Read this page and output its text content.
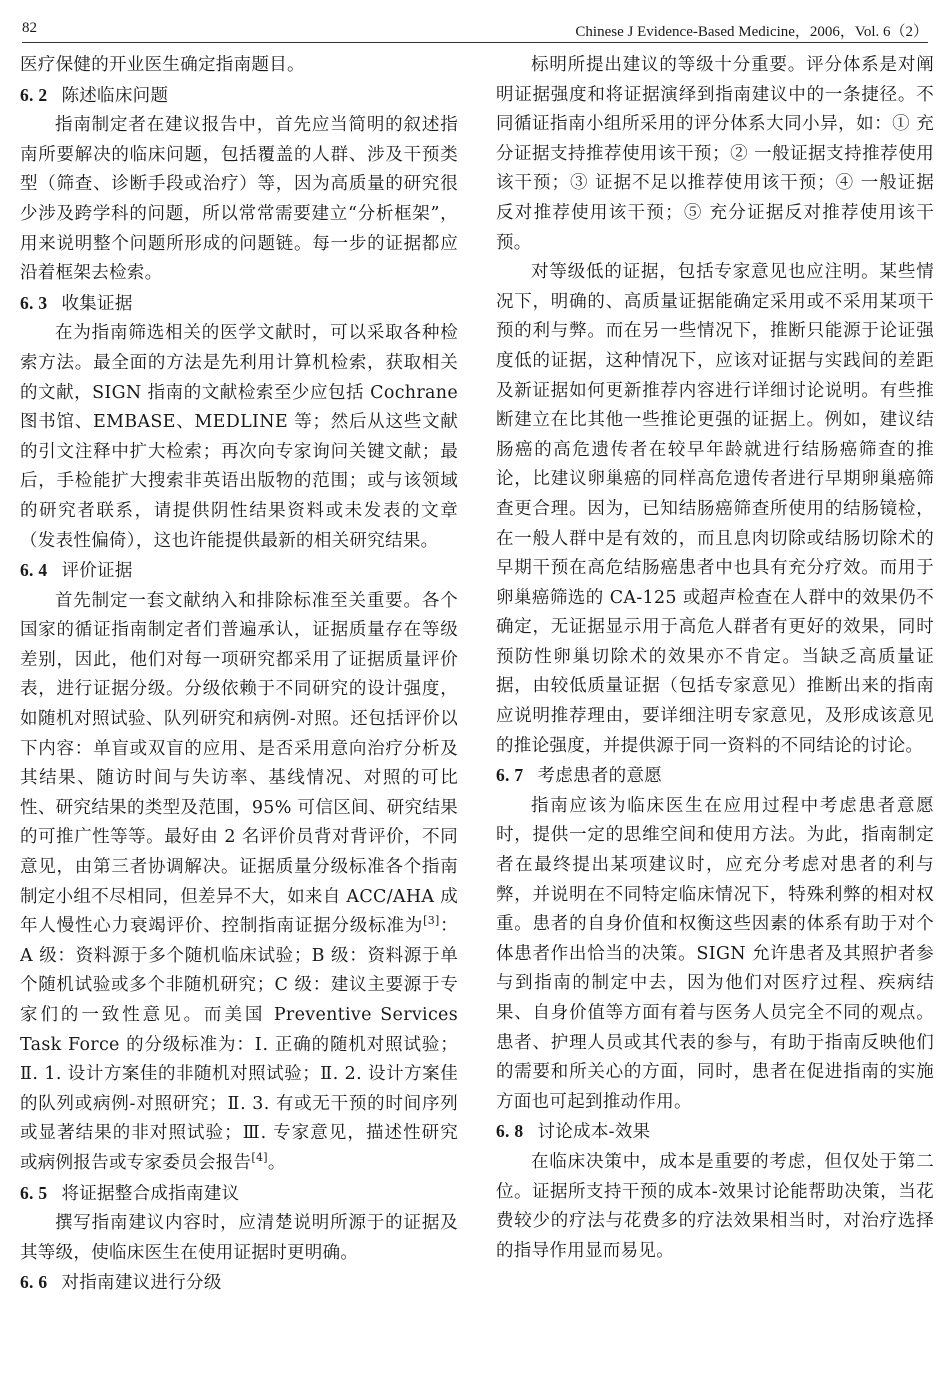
82	Chinese J Evidence-Based Medicine，2006，Vol. 6（2）

医疗保健的开业医生确定指南题目。

6. 2 陈述临床问题

指南制定者在建议报告中，首先应当简明的叙述指南所要解决的临床问题，包括覆盖的人群、涉及干预类型（筛查、诊断手段或治疗）等，因为高质量的研究很少涉及跨学科的问题，所以常常需要建立“分析框架”，用来说明整个问题所形成的问题链。每一步的证据都应沿着框架去检索。

6. 3 收集证据

在为指南筛选相关的医学文献时，可以采取各种检索方法。最全面的方法是先利用计算机检索，获取相关的文献，SIGN 指南的文献检索至少应包括 Cochrane 图书馆、EMBASE、MEDLINE 等；然后从这些文献的引文注释中扩大检索；再次向专家询问关键文献；最后，手检能扩大搜索非英语出版物的范围；或与该领域的研究者联系，请提供阴性结果资料或未发表的文章（发表性偏倚），这也许能提供最新的相关研究结果。

6. 4 评价证据

首先制定一套文献纳入和排除标准至关重要。各个国家的循证指南制定者们普遍承认，证据质量存在等级差别，因此，他们对每一项研究都采用了证据质量评价表，进行证据分级。分级依赖于不同研究的设计强度，如随机对照试验、队列研究和病例-对照。还包括评价以下内容：单盲或双盲的应用、是否采用意向治疗分析及其结果、随访时间与失访率、基线情况、对照的可比性、研究结果的类型及范围，95% 可信区间、研究结果的可推广性等等。最好由 2 名评价员背对背评价，不同意见，由第三者协调解决。证据质量分级标准各个指南制定小组不尽相同，但差异不大，如来自 ACC/AHA 成年人慢性心力衰竭评价、控制指南证据分级标准为[3]：A 级：资料源于多个随机临床试验；B 级：资料源于单个随机试验或多个非随机研究；C 级：建议主要源于专家们的一致性意见。而美国 Preventive Services Task Force 的分级标准为：Ⅰ. 正确的随机对照试验；Ⅱ. 1. 设计方案佳的非随机对照试验；Ⅱ. 2. 设计方案佳的队列或病例-对照研究；Ⅱ. 3. 有或无干预的时间序列或显著结果的非对照试验；Ⅲ. 专家意见，描述性研究或病例报告或专家委员会报告[4]。

6. 5 将证据整合成指南建议

撰写指南建议内容时，应清楚说明所源于的证据及其等级，使临床医生在使用证据时更明确。

6. 6 对指南建议进行分级

标明所提出建议的等级十分重要。评分体系是对阐明证据强度和将证据演绎到指南建议中的一条捷径。不同循证指南小组所采用的评分体系大同小异，如：① 充分证据支持推荐使用该干预；② 一般证据支持推荐使用该干预；③ 证据不足以推荐使用该干预；④ 一般证据反对推荐使用该干预；⑤ 充分证据反对推荐使用该干预。

对等级低的证据，包括专家意见也应注明。某些情况下，明确的、高质量证据能确定采用或不采用某项干预的利与弊。而在另一些情况下，推断只能源于论证强度低的证据，这种情况下，应该对证据与实践间的差距及新证据如何更新推荐内容进行详细讨论说明。有些推断建立在比其他一些推论更强的证据上。例如，建议结肠癌的高危遗传者在较早年龄就进行结肠癌筛查的推论，比建议卵巢癌的同样高危遗传者进行早期卵巢癌筛查更合理。因为，已知结肠癌筛查所使用的结肠镜检，在一般人群中是有效的，而且息肉切除或结肠切除术的早期干预在高危结肠癌患者中也具有充分疗效。而用于卵巢癌筛选的 CA-125 或超声检查在人群中的效果仍不确定，无证据显示用于高危人群者有更好的效果，同时预防性卵巢切除术的效果亦不肯定。当缺乏高质量证据，由较低质量证据（包括专家意见）推断出来的指南应说明推荐理由，要详细注明专家意见，及形成该意见的推论强度，并提供源于同一资料的不同结论的讨论。

6. 7 考虑患者的意愿

指南应该为临床医生在应用过程中考虑患者意愿时，提供一定的思维空间和使用方法。为此，指南制定者在最终提出某项建议时，应充分考虑对患者的利与弊，并说明在不同特定临床情况下，特殊利弊的相对权重。患者的自身价值和权衡这些因素的体系有助于对个体患者作出恰当的决策。SIGN 允许患者及其照护者参与到指南的制定中去，因为他们对医疗过程、疾病结果、自身价值等方面有着与医务人员完全不同的观点。患者、护理人员或其代表的参与，有助于指南反映他们的需要和所关心的方面，同时，患者在促进指南的实施方面也可起到推动作用。

6. 8 讨论成本-效果

在临床决策中，成本是重要的考虑，但仅处于第二位。证据所支持干预的成本-效果讨论能帮助决策，当花费较少的疗法与花费多的疗法效果相当时，对治疗选择的指导作用显而易见。
